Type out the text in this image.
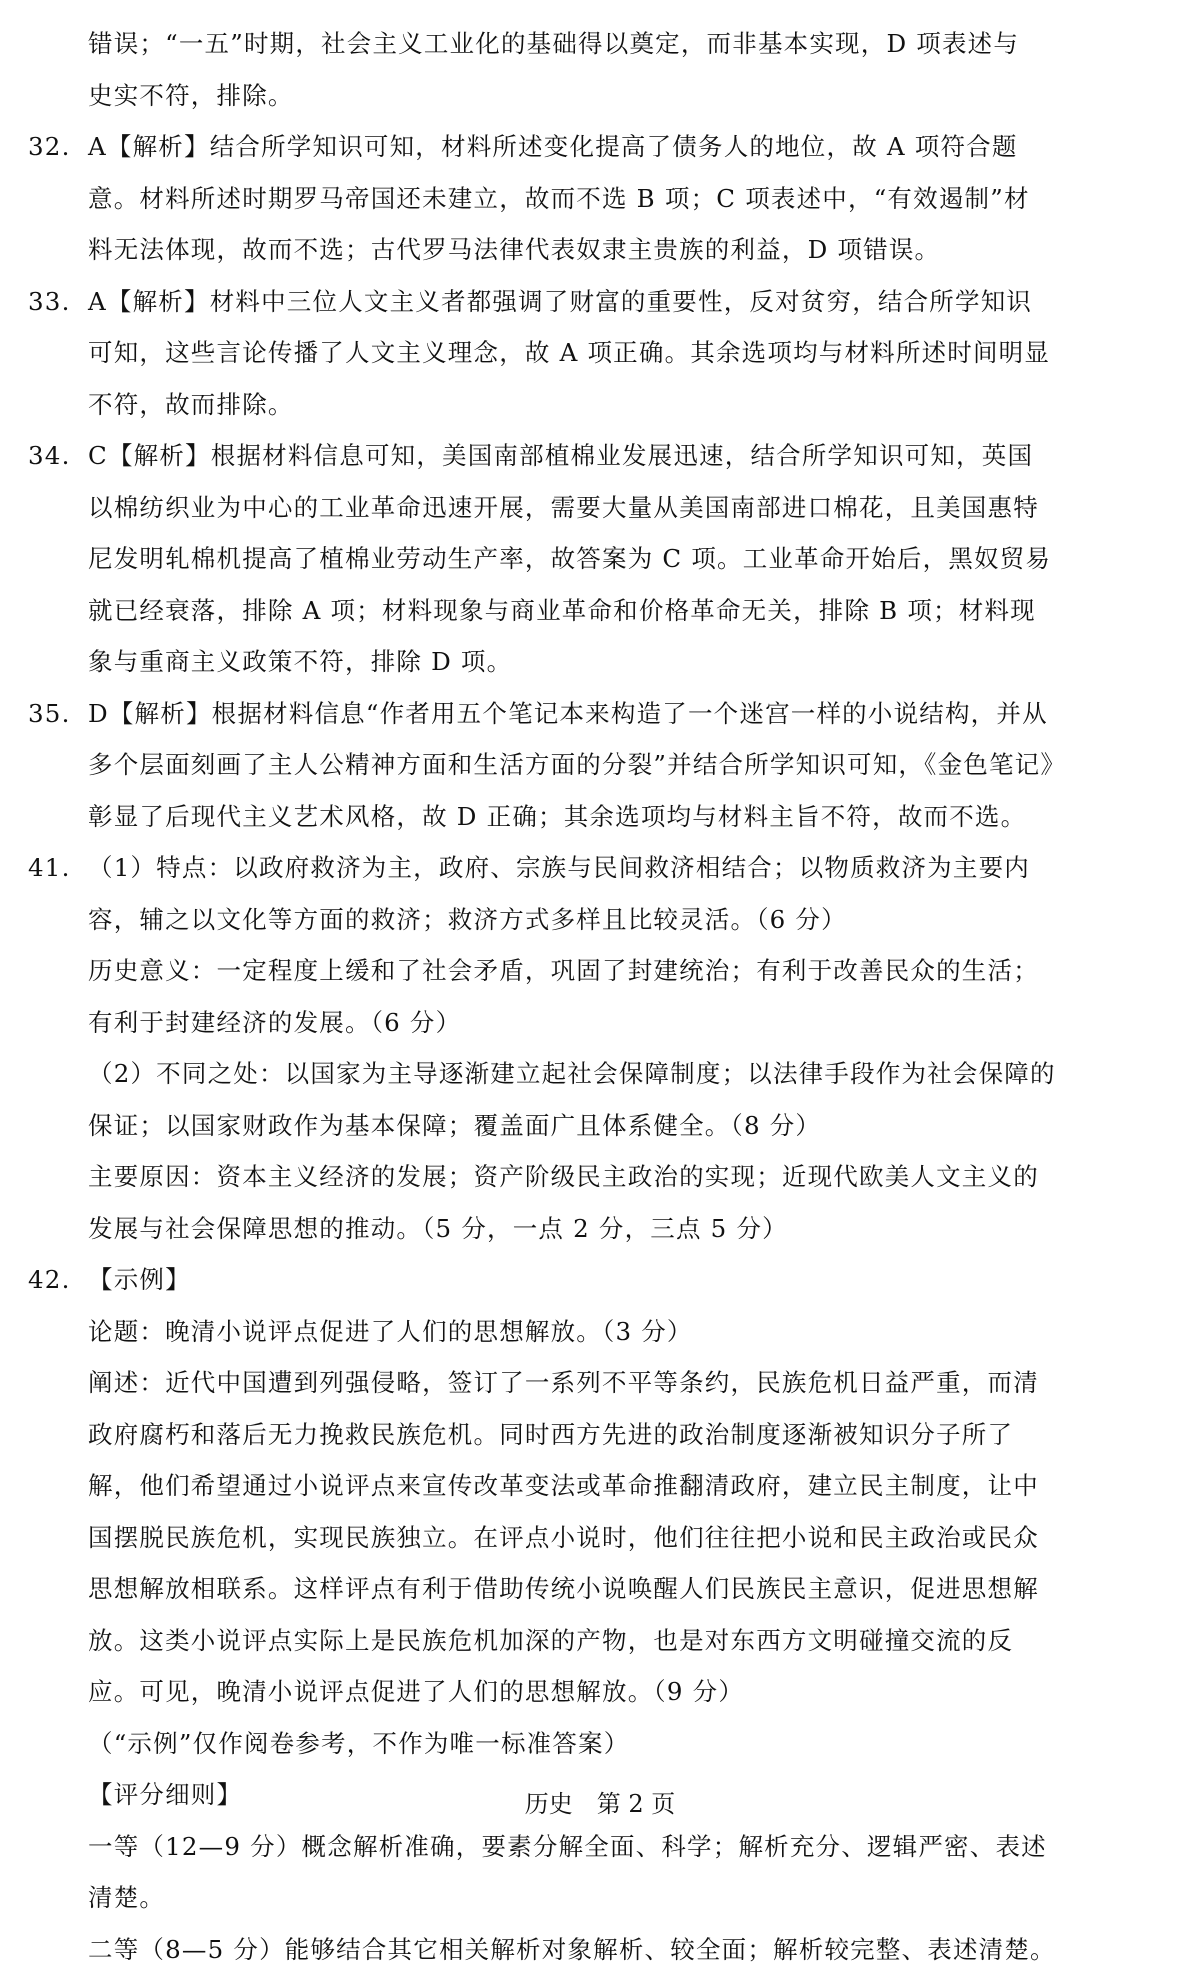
错误；“一五”时期，社会主义工业化的基础得以奠定，而非基本实现，D 项表述与
史实不符，排除。
32. A【解析】结合所学知识可知，材料所述变化提高了债务人的地位，故 A 项符合题
意。材料所述时期罗马帝国还未建立，故而不选 B 项；C 项表述中，“有效遏制”材
料无法体现，故而不选；古代罗马法律代表奴隶主贵族的利益，D 项错误。
33. A【解析】材料中三位人文主义者都强调了财富的重要性，反对贫穷，结合所学知识
可知，这些言论传播了人文主义理念，故 A 项正确。其余选项均与材料所述时间明显
不符，故而排除。
34. C【解析】根据材料信息可知，美国南部植棉业发展迅速，结合所学知识可知，英国
以棉纺织业为中心的工业革命迅速开展，需要大量从美国南部进口棉花，且美国惠特
尼发明轧棉机提高了植棉业劳动生产率，故答案为 C 项。工业革命开始后，黑奴贸易
就已经衰落，排除 A 项；材料现象与商业革命和价格革命无关，排除 B 项；材料现
象与重商主义政策不符，排除 D 项。
35. D【解析】根据材料信息“作者用五个笔记本来构造了一个迷宫一样的小说结构，并从
多个层面刻画了主人公精神方面和生活方面的分裂”并结合所学知识可知，《金色笔记》
彰显了后现代主义艺术风格，故 D 正确；其余选项均与材料主旨不符，故而不选。
41. （1）特点：以政府救济为主，政府、宗族与民间救济相结合；以物质救济为主要内
容，辅之以文化等方面的救济；救济方式多样且比较灵活。（6 分）
历史意义：一定程度上缓和了社会矛盾，巩固了封建统治；有利于改善民众的生活；
有利于封建经济的发展。（6 分）
（2）不同之处：以国家为主导逐渐建立起社会保障制度；以法律手段作为社会保障的
保证；以国家财政作为基本保障；覆盖面广且体系健全。（8 分）
主要原因：资本主义经济的发展；资产阶级民主政治的实现；近现代欧美人文主义的
发展与社会保障思想的推动。（5 分，一点 2 分，三点 5 分）
42. 【示例】
论题：晚清小说评点促进了人们的思想解放。（3 分）
阐述：近代中国遭到列强侵略，签订了一系列不平等条约，民族危机日益严重，而清
政府腐朽和落后无力挽救民族危机。同时西方先进的政治制度逐渐被知识分子所了
解，他们希望通过小说评点来宣传改革变法或革命推翻清政府，建立民主制度，让中
国摆脱民族危机，实现民族独立。在评点小说时，他们往往把小说和民主政治或民众
思想解放相联系。这样评点有利于借助传统小说唤醒人们民族民主意识，促进思想解
放。这类小说评点实际上是民族危机加深的产物，也是对东西方文明碰撞交流的反
应。可见，晚清小说评点促进了人们的思想解放。（9 分）
（“示例”仅作阅卷参考，不作为唯一标准答案）
【评分细则】
一等（12—9 分）概念解析准确，要素分解全面、科学；解析充分、逻辑严密、表述
清楚。
二等（8—5 分）能够结合其它相关解析对象解析、较全面；解析较完整、表述清楚。
历史　第 2 页
